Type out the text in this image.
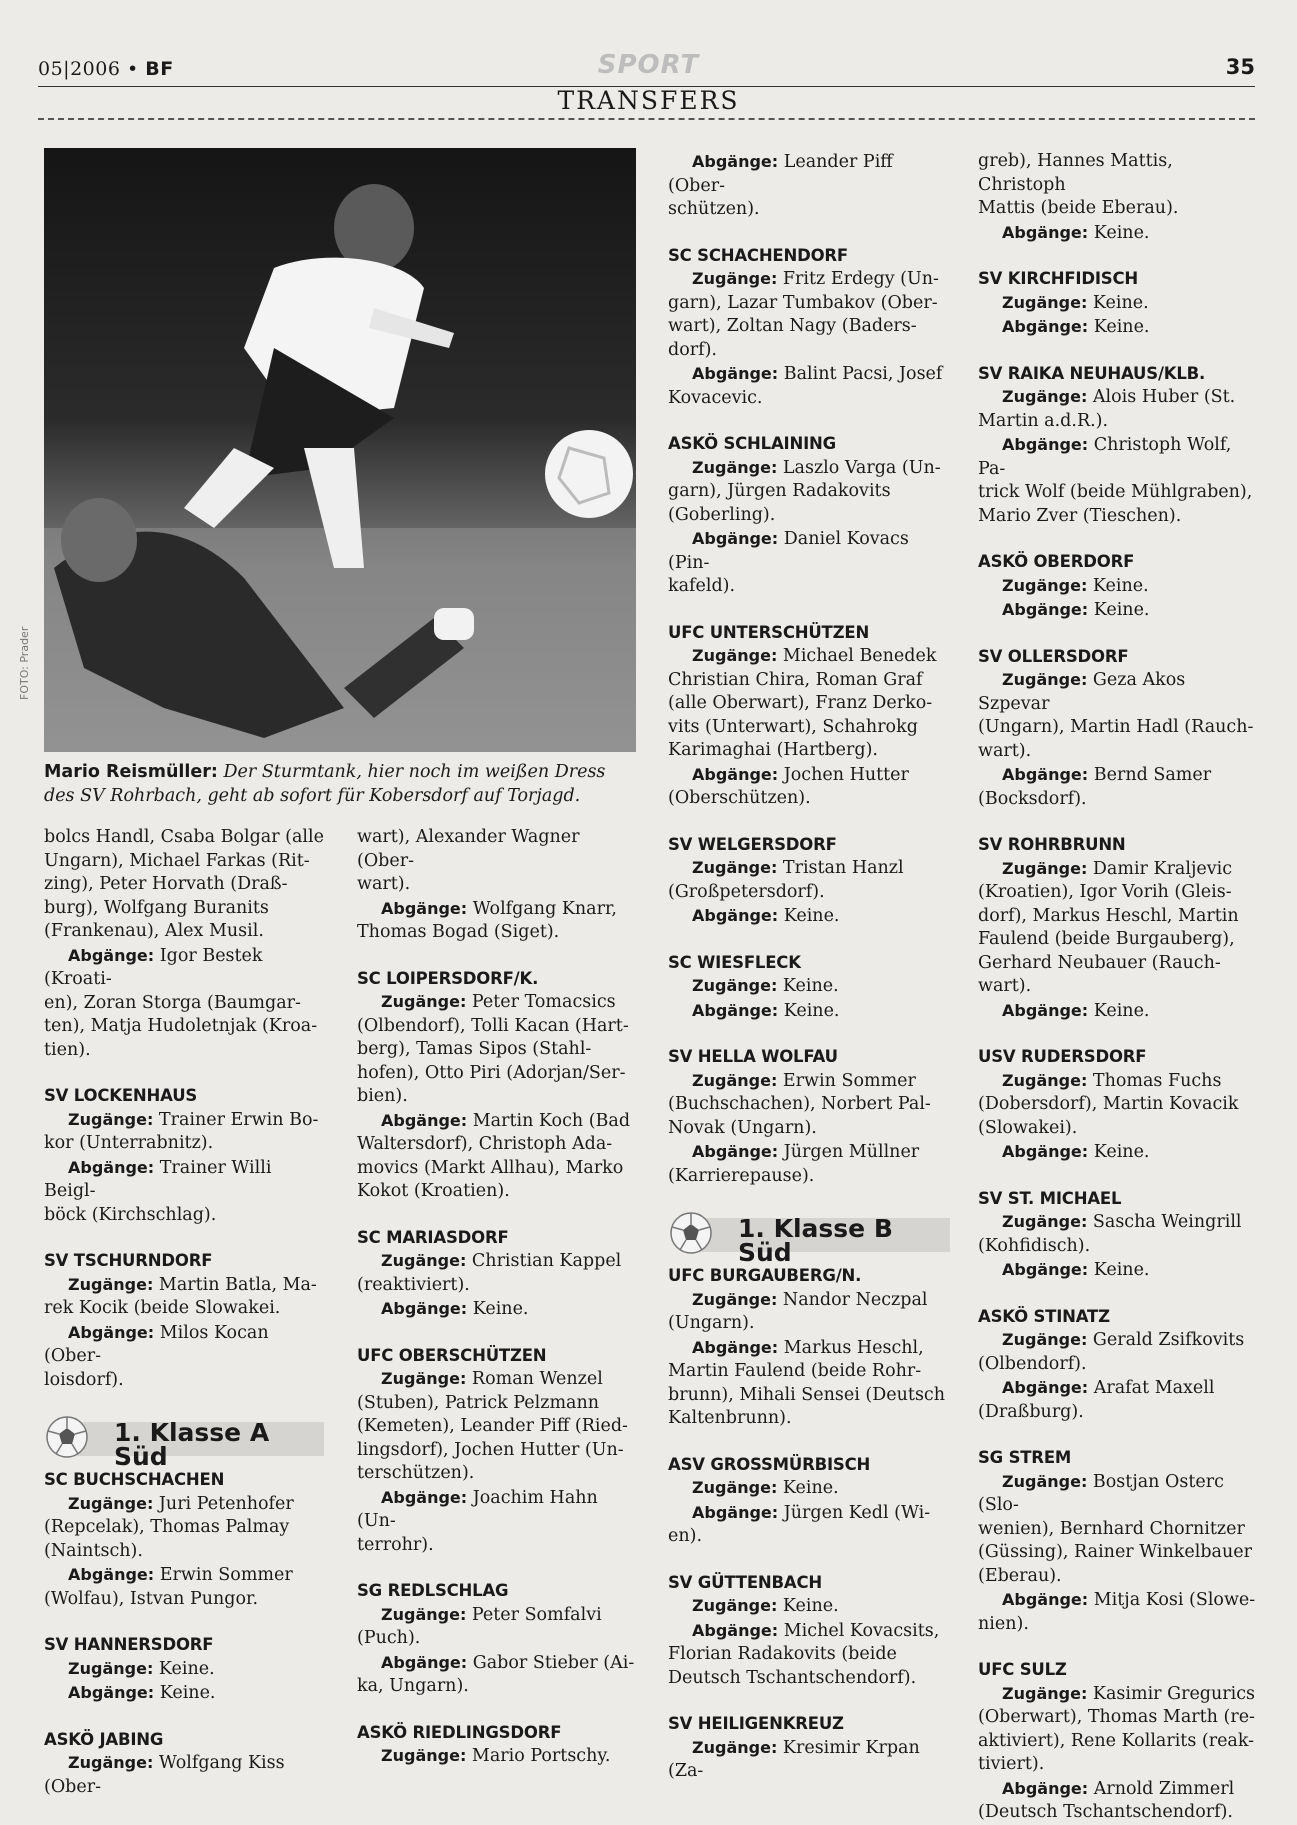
05|2006 • BF	SPORT	35
TRANSFERS
FOTO: Prader
Mario Reismüller: Der Sturmtank, hier noch im weißen Dress des SV Rohrbach, geht ab sofort für Kobersdorf auf Torjagd.
bolcs Handl, Csaba Bolgar (alle
Ungarn), Michael Farkas (Rit-
zing), Peter Horvath (Draß-
burg), Wolfgang Buranits
(Frankenau), Alex Musil.
Abgänge: Igor Bestek (Kroati-
en), Zoran Storga (Baumgar-
ten), Matja Hudoletnjak (Kroa-
tien).
SV LOCKENHAUS
Zugänge: Trainer Erwin Bo-
kor (Unterrabnitz).
Abgänge: Trainer Willi Beigl-
böck (Kirchschlag).
SV TSCHURNDORF
Zugänge: Martin Batla, Ma-
rek Kocik (beide Slowakei.
Abgänge: Milos Kocan (Ober-
loisdorf).
1. Klasse A Süd
SC BUCHSCHACHEN
Zugänge: Juri Petenhofer
(Repcelak), Thomas Palmay
(Naintsch).
Abgänge: Erwin Sommer
(Wolfau), Istvan Pungor.
SV HANNERSDORF
Zugänge: Keine.
Abgänge: Keine.
ASKÖ JABING
Zugänge: Wolfgang Kiss (Ober-
wart), Alexander Wagner (Ober-
wart).
Abgänge: Wolfgang Knarr,
Thomas Bogad (Siget).
SC LOIPERSDORF/K.
Zugänge: Peter Tomacsics
(Olbendorf), Tolli Kacan (Hart-
berg), Tamas Sipos (Stahl-
hofen), Otto Piri (Adorjan/Ser-
bien).
Abgänge: Martin Koch (Bad
Waltersdorf), Christoph Ada-
movics (Markt Allhau), Marko
Kokot (Kroatien).
SC MARIASDORF
Zugänge: Christian Kappel
(reaktiviert).
Abgänge: Keine.
UFC OBERSCHÜTZEN
Zugänge: Roman Wenzel
(Stuben), Patrick Pelzmann
(Kemeten), Leander Piff (Ried-
lingsdorf), Jochen Hutter (Un-
terschützen).
Abgänge: Joachim Hahn (Un-
terrohr).
SG REDLSCHLAG
Zugänge: Peter Somfalvi
(Puch).
Abgänge: Gabor Stieber (Ai-
ka, Ungarn).
ASKÖ RIEDLINGSDORF
Zugänge: Mario Portschy.
Abgänge: Leander Piff (Ober-
schützen).
SC SCHACHENDORF
Zugänge: Fritz Erdegy (Un-
garn), Lazar Tumbakov (Ober-
wart), Zoltan Nagy (Baders-
dorf).
Abgänge: Balint Pacsi, Josef
Kovacevic.
ASKÖ SCHLAINING
Zugänge: Laszlo Varga (Un-
garn), Jürgen Radakovits
(Goberling).
Abgänge: Daniel Kovacs (Pin-
kafeld).
UFC UNTERSCHÜTZEN
Zugänge: Michael Benedek
Christian Chira, Roman Graf
(alle Oberwart), Franz Derko-
vits (Unterwart), Schahrokg
Karimaghai (Hartberg).
Abgänge: Jochen Hutter
(Oberschützen).
SV WELGERSDORF
Zugänge: Tristan Hanzl
(Großpetersdorf).
Abgänge: Keine.
SC WIESFLECK
Zugänge: Keine.
Abgänge: Keine.
SV HELLA WOLFAU
Zugänge: Erwin Sommer
(Buchschachen), Norbert Pal-
Novak (Ungarn).
Abgänge: Jürgen Müllner
(Karrierepause).
1. Klasse B Süd
UFC BURGAUBERG/N.
Zugänge: Nandor Neczpal
(Ungarn).
Abgänge: Markus Heschl,
Martin Faulend (beide Rohr-
brunn), Mihali Sensei (Deutsch
Kaltenbrunn).
ASV GROSSMÜRBISCH
Zugänge: Keine.
Abgänge: Jürgen Kedl (Wi-
en).
SV GÜTTENBACH
Zugänge: Keine.
Abgänge: Michel Kovacsits,
Florian Radakovits (beide
Deutsch Tschantschendorf).
SV HEILIGENKREUZ
Zugänge: Kresimir Krpan (Za-
greb), Hannes Mattis, Christoph
Mattis (beide Eberau).
Abgänge: Keine.
SV KIRCHFIDISCH
Zugänge: Keine.
Abgänge: Keine.
SV RAIKA NEUHAUS/KLB.
Zugänge: Alois Huber (St.
Martin a.d.R.).
Abgänge: Christoph Wolf, Pa-
trick Wolf (beide Mühlgraben),
Mario Zver (Tieschen).
ASKÖ OBERDORF
Zugänge: Keine.
Abgänge: Keine.
SV OLLERSDORF
Zugänge: Geza Akos Szpevar
(Ungarn), Martin Hadl (Rauch-
wart).
Abgänge: Bernd Samer
(Bocksdorf).
SV ROHRBRUNN
Zugänge: Damir Kraljevic
(Kroatien), Igor Vorih (Gleis-
dorf), Markus Heschl, Martin
Faulend (beide Burgauberg),
Gerhard Neubauer (Rauch-
wart).
Abgänge: Keine.
USV RUDERSDORF
Zugänge: Thomas Fuchs
(Dobersdorf), Martin Kovacik
(Slowakei).
Abgänge: Keine.
SV ST. MICHAEL
Zugänge: Sascha Weingrill
(Kohfidisch).
Abgänge: Keine.
ASKÖ STINATZ
Zugänge: Gerald Zsifkovits
(Olbendorf).
Abgänge: Arafat Maxell
(Draßburg).
SG STREM
Zugänge: Bostjan Osterc (Slo-
wenien), Bernhard Chornitzer
(Güssing), Rainer Winkelbauer
(Eberau).
Abgänge: Mitja Kosi (Slowe-
nien).
UFC SULZ
Zugänge: Kasimir Gregurics
(Oberwart), Thomas Marth (re-
aktiviert), Rene Kollarits (reak-
tiviert).
Abgänge: Arnold Zimmerl
(Deutsch Tschantschendorf).
